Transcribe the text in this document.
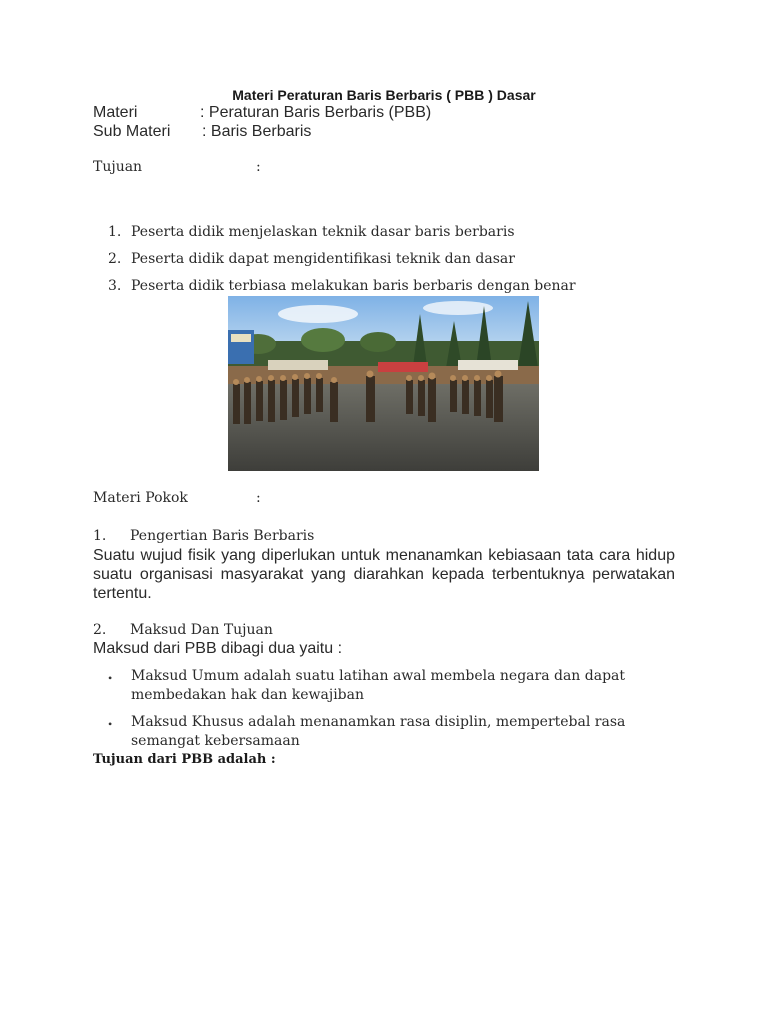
Materi Peraturan Baris Berbaris ( PBB ) Dasar
Materi	: Peraturan Baris Berbaris (PBB)
Sub Materi : Baris Berbaris
Tujuan	:
1. Peserta didik menjelaskan teknik dasar baris berbaris
2. Peserta didik dapat mengidentifikasi teknik dan dasar
3. Peserta didik terbiasa melakukan baris berbaris dengan benar
Materi Pokok	:
1. Pengertian Baris Berbaris
Suatu wujud fisik yang diperlukan untuk menanamkan kebiasaan tata cara hidup suatu organisasi masyarakat yang diarahkan kepada terbentuknya perwatakan tertentu.
2. Maksud Dan Tujuan
Maksud dari PBB dibagi dua yaitu :
• Maksud Umum adalah suatu latihan awal membela negara dan dapat membedakan hak dan kewajiban
• Maksud Khusus adalah menanamkan rasa disiplin, mempertebal rasa semangat kebersamaan
Tujuan dari PBB adalah :
